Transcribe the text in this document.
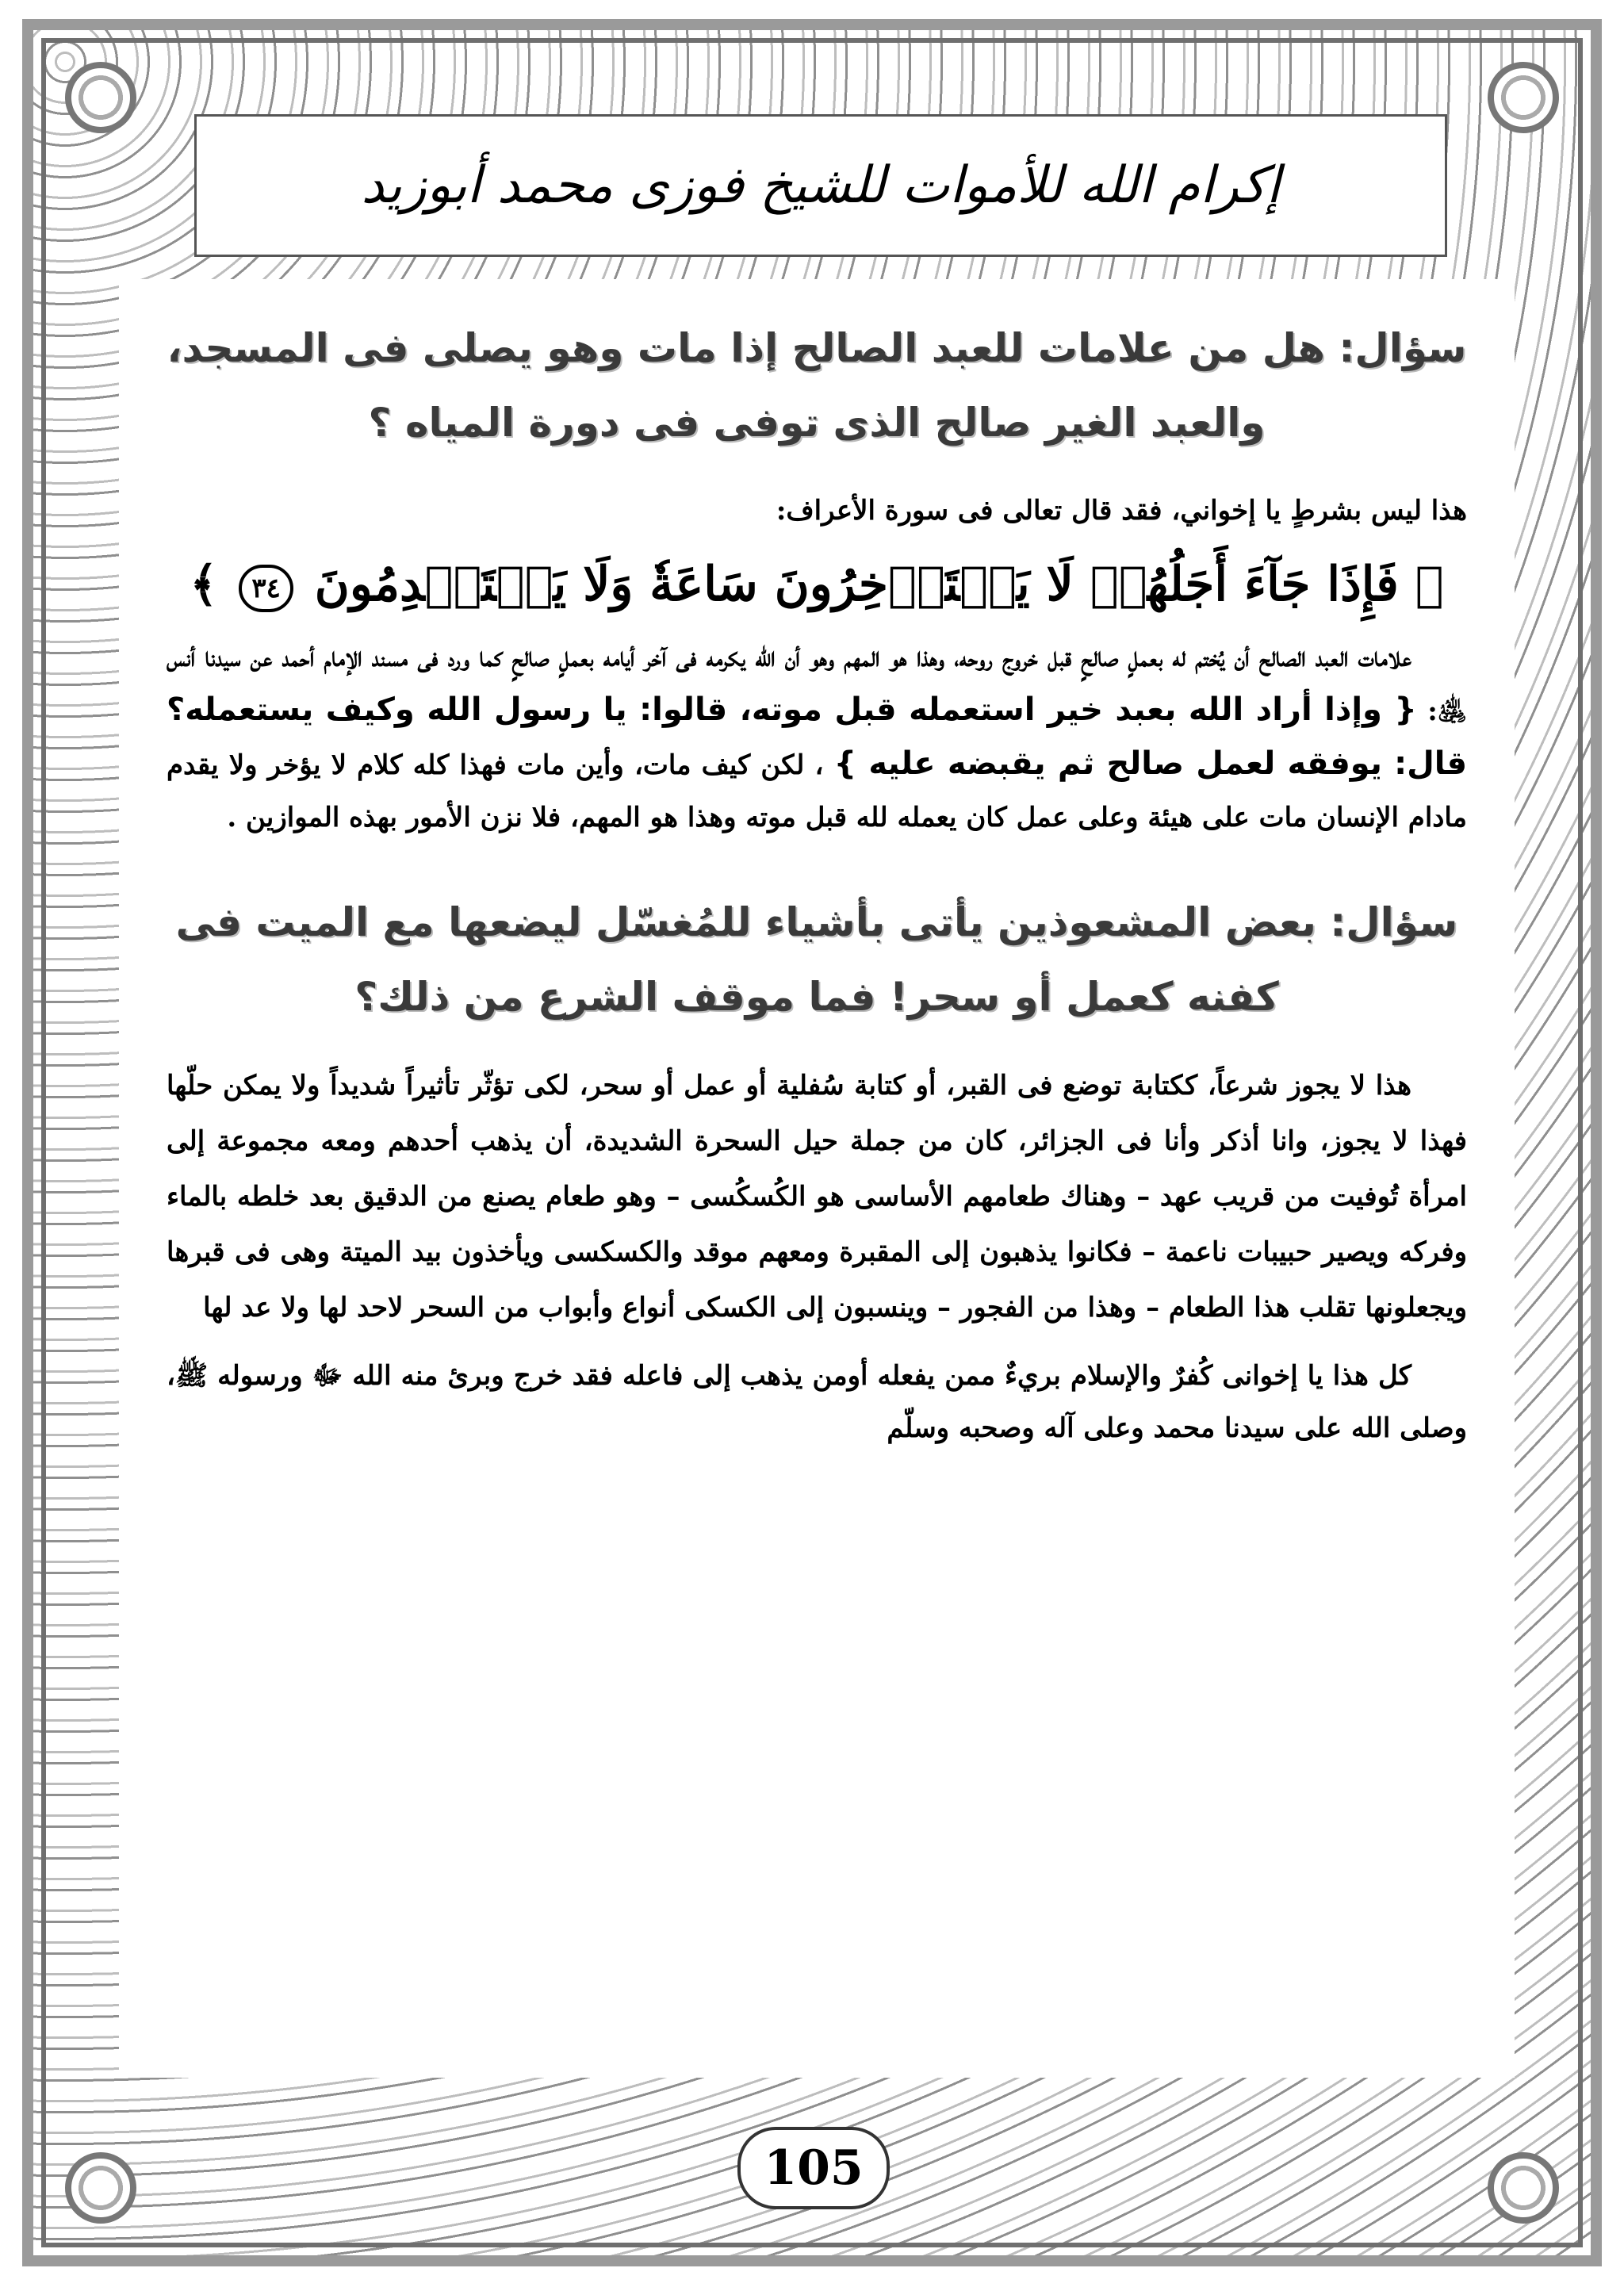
إكرام الله للأموات للشيخ فوزى محمد أبوزيد
سؤال: هل من علامات للعبد الصالح إذا مات وهو يصلى فى المسجد،
والعبد الغير صالح الذى توفى فى دورة المياه ؟

هذا ليس بشرطٍ يا إخواني، فقد قال تعالى فى سورة الأعراف:

﴿ فَإِذَا جَآءَ أَجَلُهُمۡ لَا يَسۡتَأۡخِرُونَ سَاعَةٗ وَلَا يَسۡتَقۡدِمُونَ ٣٤ ﴾

علامات العبد الصالح أن يُختم له بعملٍ صالحٍ قبل خروج روحه، وهذا هو المهم وهو أن الله يكرمه فى آخر أيامه بعملٍ صالحٍ كما ورد فى مسند الإمام أحمد عن سيدنا أنس ﵁: { وإذا أراد الله بعبد خير استعمله قبل موته، قالوا: يا رسول الله وكيف يستعمله؟ قال: يوفقه لعمل صالح ثم يقبضه عليه } ، لكن كيف مات، وأين مات فهذا كله كلام لا يؤخر ولا يقدم مادام الإنسان مات على هيئة وعلى عمل كان يعمله لله قبل موته وهذا هو المهم، فلا نزن الأمور بهذه الموازين .

سؤال: بعض المشعوذين يأتى بأشياء للمُغسّل ليضعها مع الميت فى
كفنه كعمل أو سحر! فما موقف الشرع من ذلك؟

هذا لا يجوز شرعاً، ككتابة توضع فى القبر، أو كتابة سُفلية أو عمل أو سحر، لكى تؤثّر تأثيراً شديداً ولا يمكن حلّها فهذا لا يجوز، وانا أذكر وأنا فى الجزائر، كان من جملة حيل السحرة الشديدة، أن يذهب أحدهم ومعه مجموعة إلى امرأة تُوفيت من قريب عهد – وهناك طعامهم الأساسى هو الكُسكُسى – وهو طعام يصنع من الدقيق بعد خلطه بالماء وفركه ويصير حبيبات ناعمة – فكانوا يذهبون إلى المقبرة ومعهم موقد والكسكسى ويأخذون بيد الميتة وهى فى قبرها ويجعلونها تقلب هذا الطعام – وهذا من الفجور – وينسبون إلى الكسكى أنواع وأبواب من السحر لاحد لها ولا عد لها

كل هذا يا إخوانى كُفرٌ والإسلام بريءٌ ممن يفعله أومن يذهب إلى فاعله فقد خرج وبرئ منه الله ﷻ ورسوله ﷺ، وصلى الله على سيدنا محمد وعلى آله وصحبه وسلّم

105
